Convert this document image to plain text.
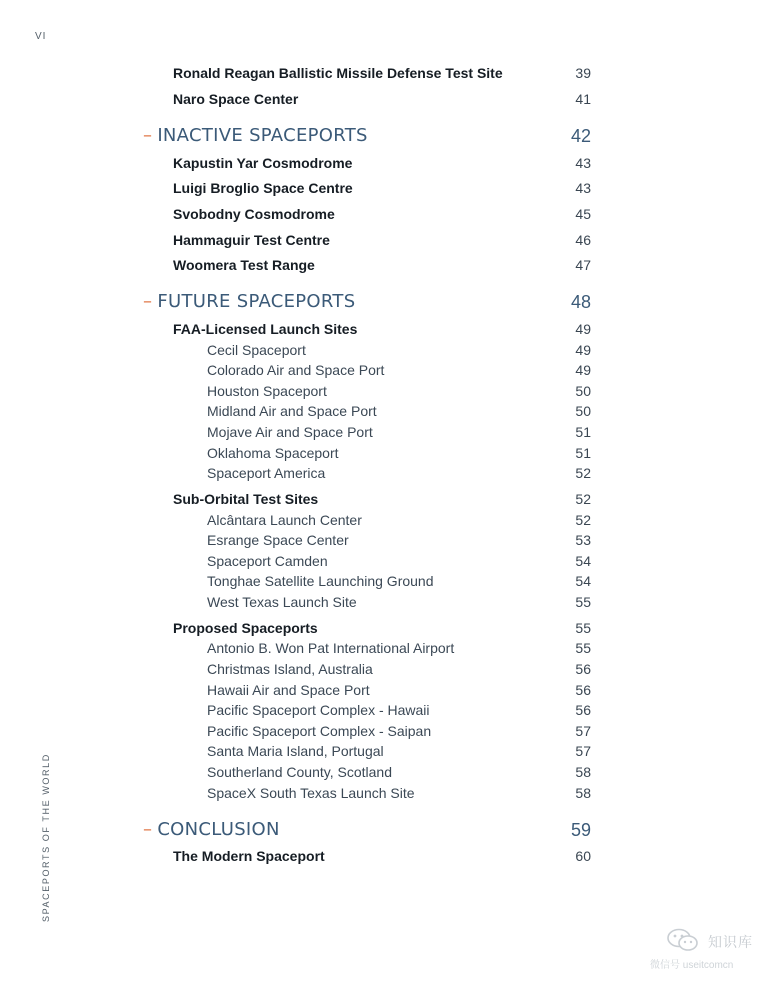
VI
SPACEPORTS OF THE WORLD
Ronald Reagan Ballistic Missile Defense Test Site	39
Naro Space Center	41
– INACTIVE SPACEPORTS	42
Kapustin Yar Cosmodrome	43
Luigi Broglio Space Centre	43
Svobodny Cosmodrome	45
Hammaguir Test Centre	46
Woomera Test Range	47
– FUTURE SPACEPORTS	48
FAA-Licensed Launch Sites	49
Cecil Spaceport	49
Colorado Air and Space Port	49
Houston Spaceport	50
Midland Air and Space Port	50
Mojave Air and Space Port	51
Oklahoma Spaceport	51
Spaceport America	52
Sub-Orbital Test Sites	52
Alcântara Launch Center	52
Esrange Space Center	53
Spaceport Camden	54
Tonghae Satellite Launching Ground	54
West Texas Launch Site	55
Proposed Spaceports	55
Antonio B. Won Pat International Airport	55
Christmas Island, Australia	56
Hawaii Air and Space Port	56
Pacific Spaceport Complex - Hawaii	56
Pacific Spaceport Complex - Saipan	57
Santa Maria Island, Portugal	57
Southerland County, Scotland	58
SpaceX South Texas Launch Site	58
– CONCLUSION	59
The Modern Spaceport	60
知识库
微信号 useitcomcn
